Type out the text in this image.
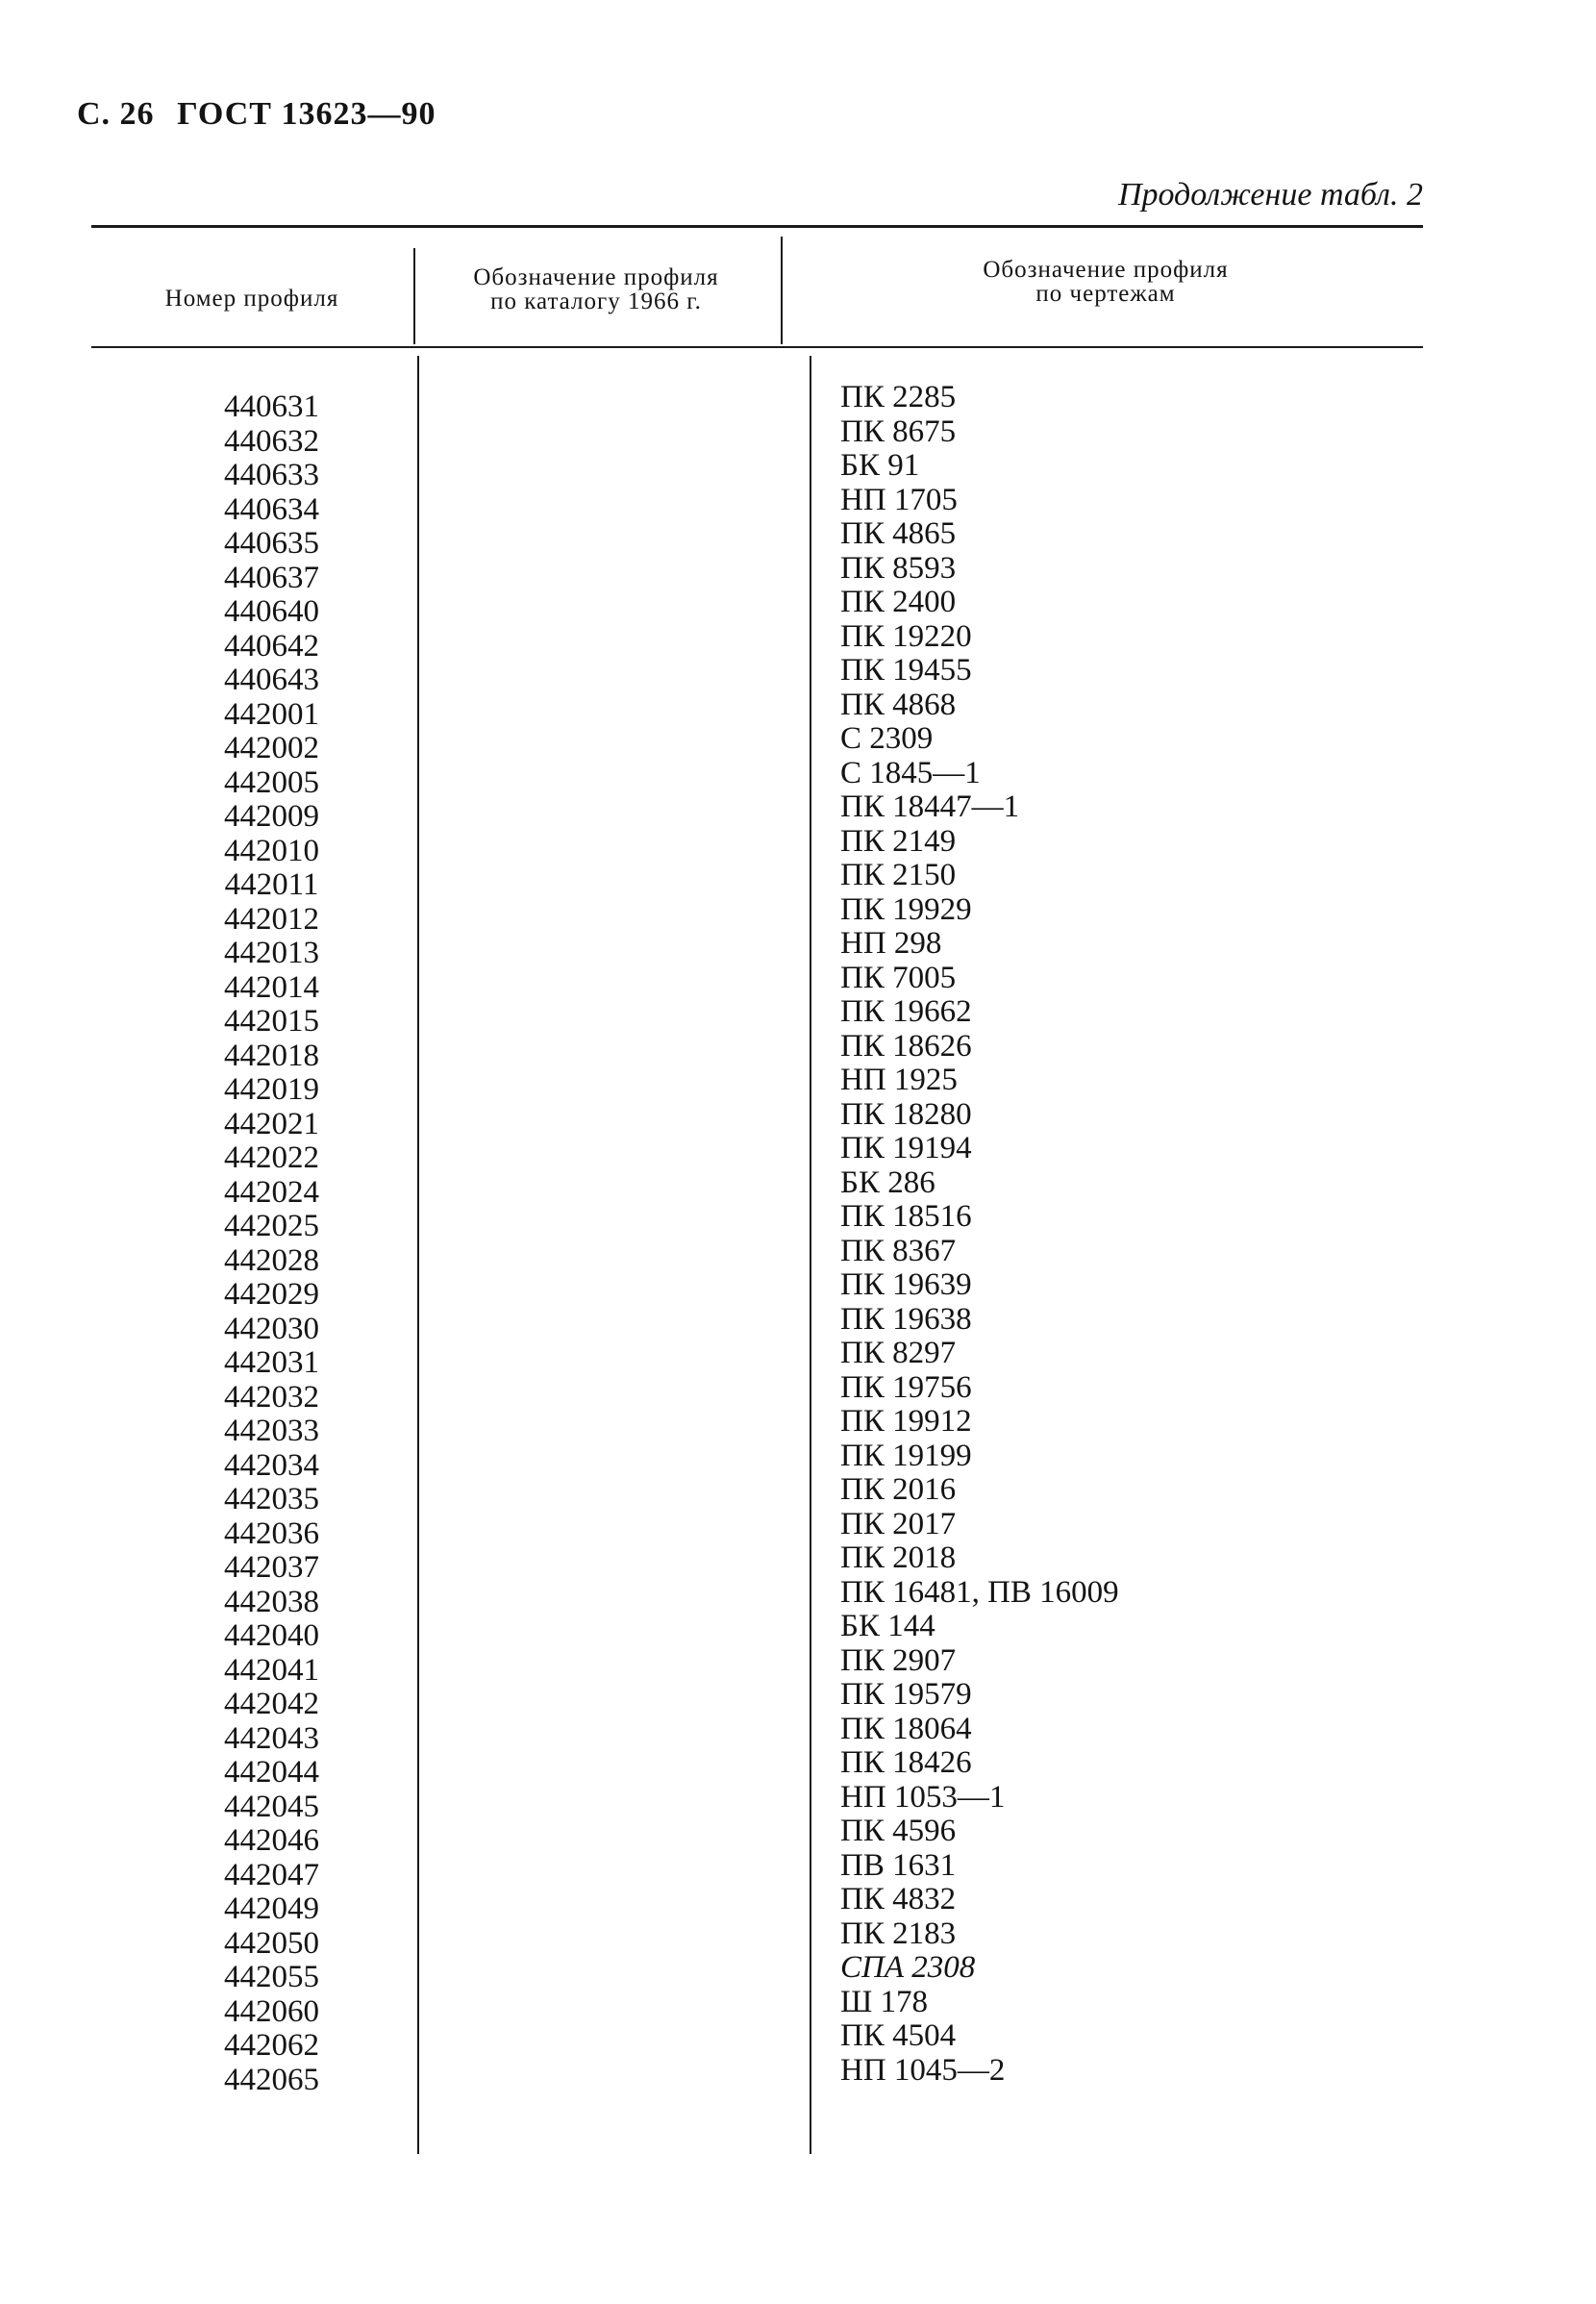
С. 26 ГОСТ 13623—90
Продолжение табл. 2
Номер профиля
Обозначение профиля
по каталогу 1966 г.
Обозначение профиля
по чертежам
440631
440632
440633
440634
440635
440637
440640
440642
440643
442001
442002
442005
442009
442010
442011
442012
442013
442014
442015
442018
442019
442021
442022
442024
442025
442028
442029
442030
442031
442032
442033
442034
442035
442036
442037
442038
442040
442041
442042
442043
442044
442045
442046
442047
442049
442050
442055
442060
442062
442065
ПК 2285
ПК 8675
БК 91
НП 1705
ПК 4865
ПК 8593
ПК 2400
ПК 19220
ПК 19455
ПК 4868
С 2309
С 1845—1
ПК 18447—1
ПК 2149
ПК 2150
ПК 19929
НП 298
ПК 7005
ПК 19662
ПК 18626
НП 1925
ПК 18280
ПК 19194
БК 286
ПК 18516
ПК 8367
ПК 19639
ПК 19638
ПК 8297
ПК 19756
ПК 19912
ПК 19199
ПК 2016
ПК 2017
ПК 2018
ПК 16481, ПВ 16009
БК 144
ПК 2907
ПК 19579
ПК 18064
ПК 18426
НП 1053—1
ПК 4596
ПВ 1631
ПК 4832
ПК 2183
СПА 2308
Ш 178
ПК 4504
НП 1045—2
